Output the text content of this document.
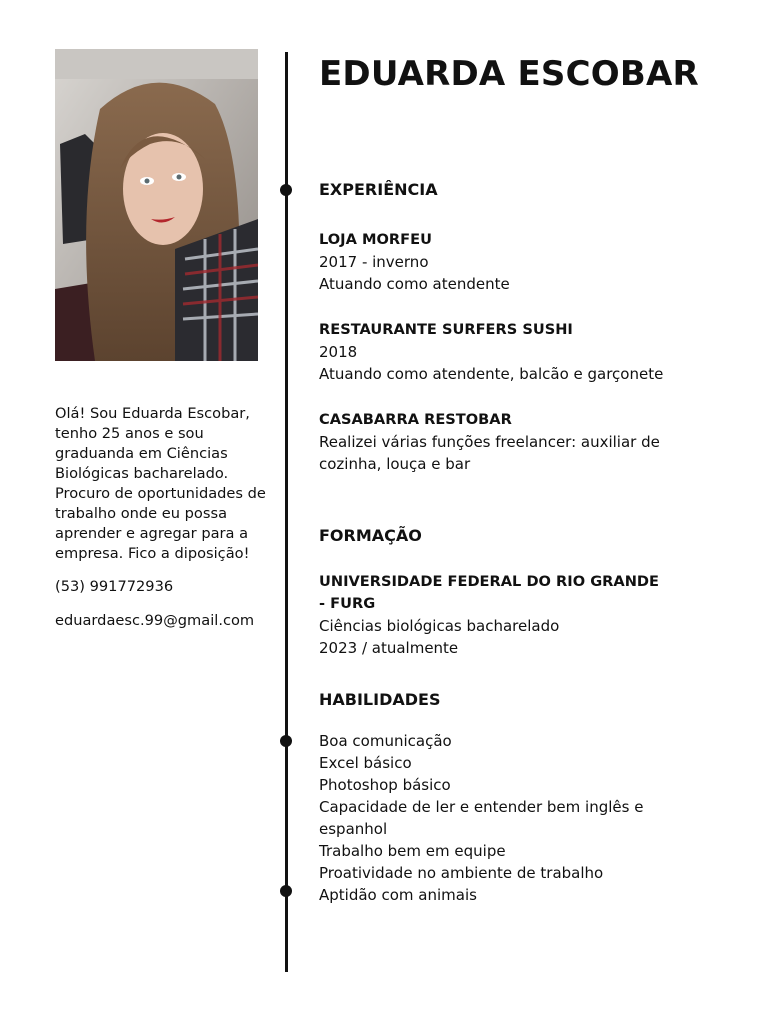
Olá! Sou Eduarda Escobar, tenho 25 anos e sou graduanda em Ciências Biológicas bacharelado. Procuro de oportunidades de trabalho onde eu possa aprender e agregar para a empresa. Fico a diposição!

(53) 991772936

eduardaesc.99@gmail.com

EDUARDA ESCOBAR
EXPERIÊNCIA

LOJA MORFEU

2017 - inverno

Atuando como atendente

RESTAURANTE SURFERS SUSHI

2018

Atuando como atendente, balcão e garçonete

CASABARRA RESTOBAR

Realizei várias funções freelancer: auxiliar de cozinha, louça e bar

FORMAÇÃO

UNIVERSIDADE FEDERAL DO RIO GRANDE - FURG

Ciências biológicas bacharelado

2023 / atualmente

HABILIDADES
Boa comunicação
Excel básico
Photoshop básico
Capacidade de ler e entender bem inglês e espanhol
Trabalho bem em equipe
Proatividade no ambiente de trabalho
Aptidão com animais
